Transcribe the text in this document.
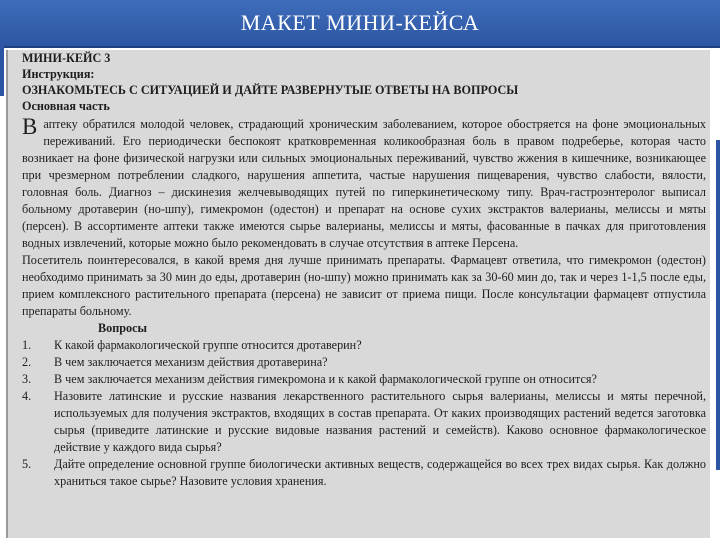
МАКЕТ МИНИ-КЕЙСА
МИНИ-КЕЙС 3
Инструкция:
ОЗНАКОМЬТЕСЬ С СИТУАЦИЕЙ И ДАЙТЕ РАЗВЕРНУТЫЕ ОТВЕТЫ НА ВОПРОСЫ
Основная часть

В аптеку обратился молодой человек, страдающий хроническим заболеванием, которое обостряется на фоне эмоциональных переживаний. Его периодически беспокоят кратковременная коликообразная боль в правом подреберье, которая часто возникает на фоне физической нагрузки или сильных эмоциональных переживаний, чувство жжения в кишечнике, возникающее при чрезмерном потреблении сладкого, нарушения аппетита, частые нарушения пищеварения, чувство слабости, вялости, головная боль. Диагноз – дискинезия желчевыводящих путей по гиперкинетическому типу. Врач-гастроэнтеролог выписал больному дротаверин (но-шпу), гимекромон (одестон) и препарат на основе сухих экстрактов валерианы, мелиссы и мяты (персен). В ассортименте аптеки также имеются сырье валерианы, мелиссы и мяты, фасованные в пачках для приготовления водных извлечений, которые можно было рекомендовать в случае отсутствия в аптеке Персена.

Посетитель поинтересовался, в какой время дня лучше принимать препараты. Фармацевт ответила, что гимекромон (одестон) необходимо принимать за 30 мин до еды, дротаверин (но-шпу) можно принимать как за 30-60 мин до, так и через 1-1,5 после еды, прием комплексного растительного препарата (персена) не зависит от приема пищи. После консультации фармацевт отпустила препараты больному.

Вопросы
1. К какой фармакологической группе относится дротаверин?
2. В чем заключается механизм действия дротаверина?
3. В чем заключается механизм действия гимекромона и к какой фармакологической группе он относится?
4. Назовите латинские и русские названия лекарственного растительного сырья валерианы, мелиссы и мяты перечной, используемых для получения экстрактов, входящих в состав препарата. От каких производящих растений ведется заготовка сырья (приведите латинские и русские видовые названия растений и семейств). Каково основное фармакологическое действие у каждого вида сырья?
5. Дайте определение основной группе биологически активных веществ, содержащейся во всех трех видах сырья. Как должно храниться такое сырье? Назовите условия хранения.
